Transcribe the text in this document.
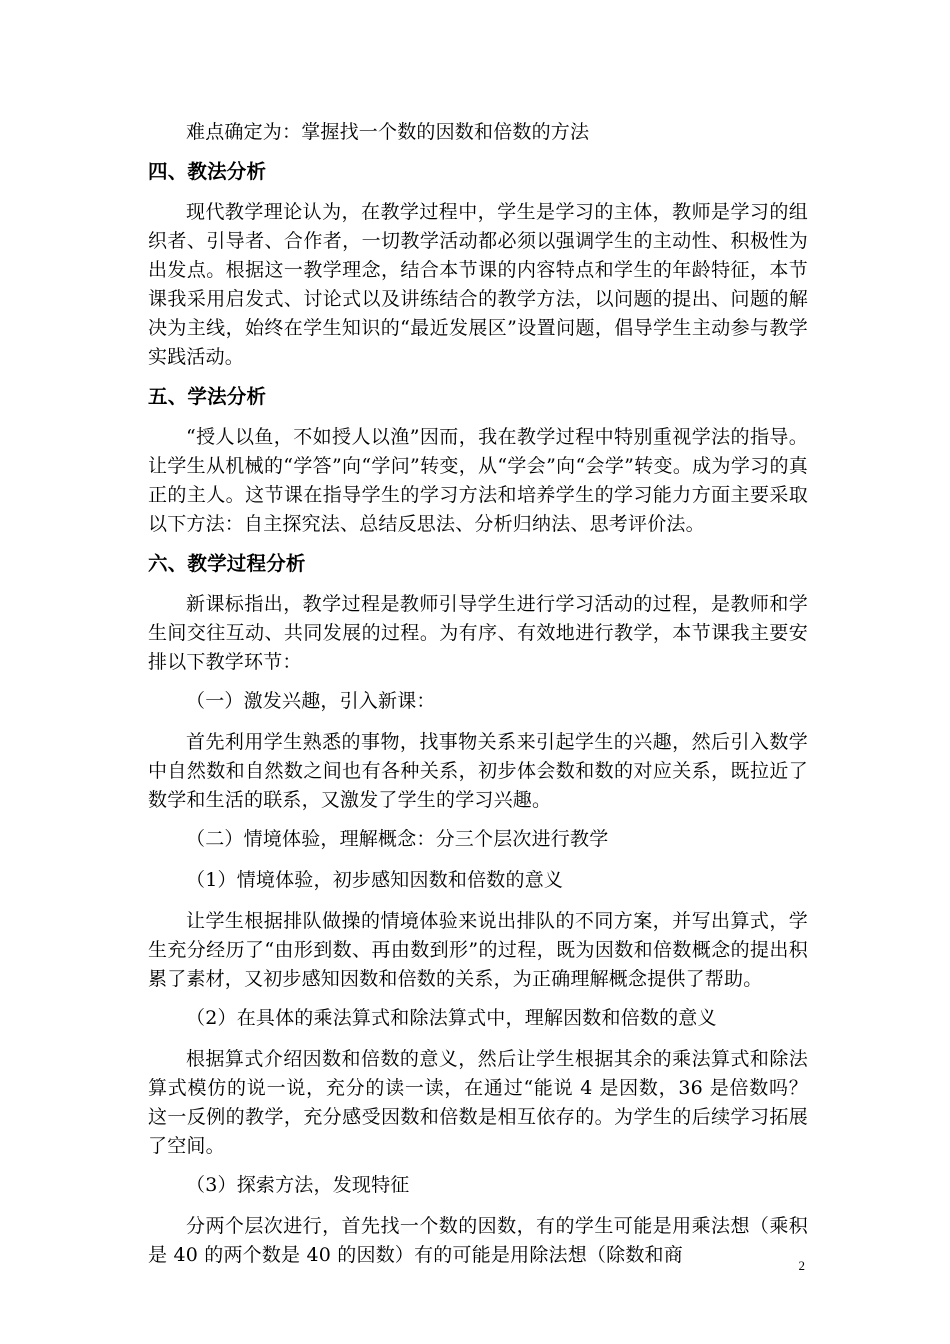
难点确定为：掌握找一个数的因数和倍数的方法

四、教法分析

现代教学理论认为，在教学过程中，学生是学习的主体，教师是学习的组织者、引导者、合作者，一切教学活动都必须以强调学生的主动性、积极性为出发点。根据这一教学理念，结合本节课的内容特点和学生的年龄特征，本节课我采用启发式、讨论式以及讲练结合的教学方法，以问题的提出、问题的解决为主线，始终在学生知识的“最近发展区”设置问题，倡导学生主动参与教学实践活动。

五、学法分析

“授人以鱼，不如授人以渔”因而，我在教学过程中特别重视学法的指导。让学生从机械的“学答”向“学问”转变，从“学会”向“会学”转变。成为学习的真正的主人。这节课在指导学生的学习方法和培养学生的学习能力方面主要采取以下方法：自主探究法、总结反思法、分析归纳法、思考评价法。

六、教学过程分析

新课标指出，教学过程是教师引导学生进行学习活动的过程，是教师和学生间交往互动、共同发展的过程。为有序、有效地进行教学，本节课我主要安排以下教学环节：

（一）激发兴趣，引入新课：

首先利用学生熟悉的事物，找事物关系来引起学生的兴趣，然后引入数学中自然数和自然数之间也有各种关系，初步体会数和数的对应关系，既拉近了数学和生活的联系，又激发了学生的学习兴趣。

（二）情境体验，理解概念：分三个层次进行教学

（1）情境体验，初步感知因数和倍数的意义

让学生根据排队做操的情境体验来说出排队的不同方案，并写出算式，学生充分经历了“由形到数、再由数到形”的过程，既为因数和倍数概念的提出积累了素材，又初步感知因数和倍数的关系，为正确理解概念提供了帮助。

（2）在具体的乘法算式和除法算式中，理解因数和倍数的意义

根据算式介绍因数和倍数的意义，然后让学生根据其余的乘法算式和除法算式模仿的说一说，充分的读一读，在通过“能说 4 是因数，36 是倍数吗？这一反例的教学，充分感受因数和倍数是相互依存的。为学生的后续学习拓展了空间。

（3）探索方法，发现特征

分两个层次进行，首先找一个数的因数，有的学生可能是用乘法想（乘积是 40 的两个数是 40 的因数）有的可能是用除法想（除数和商	2
